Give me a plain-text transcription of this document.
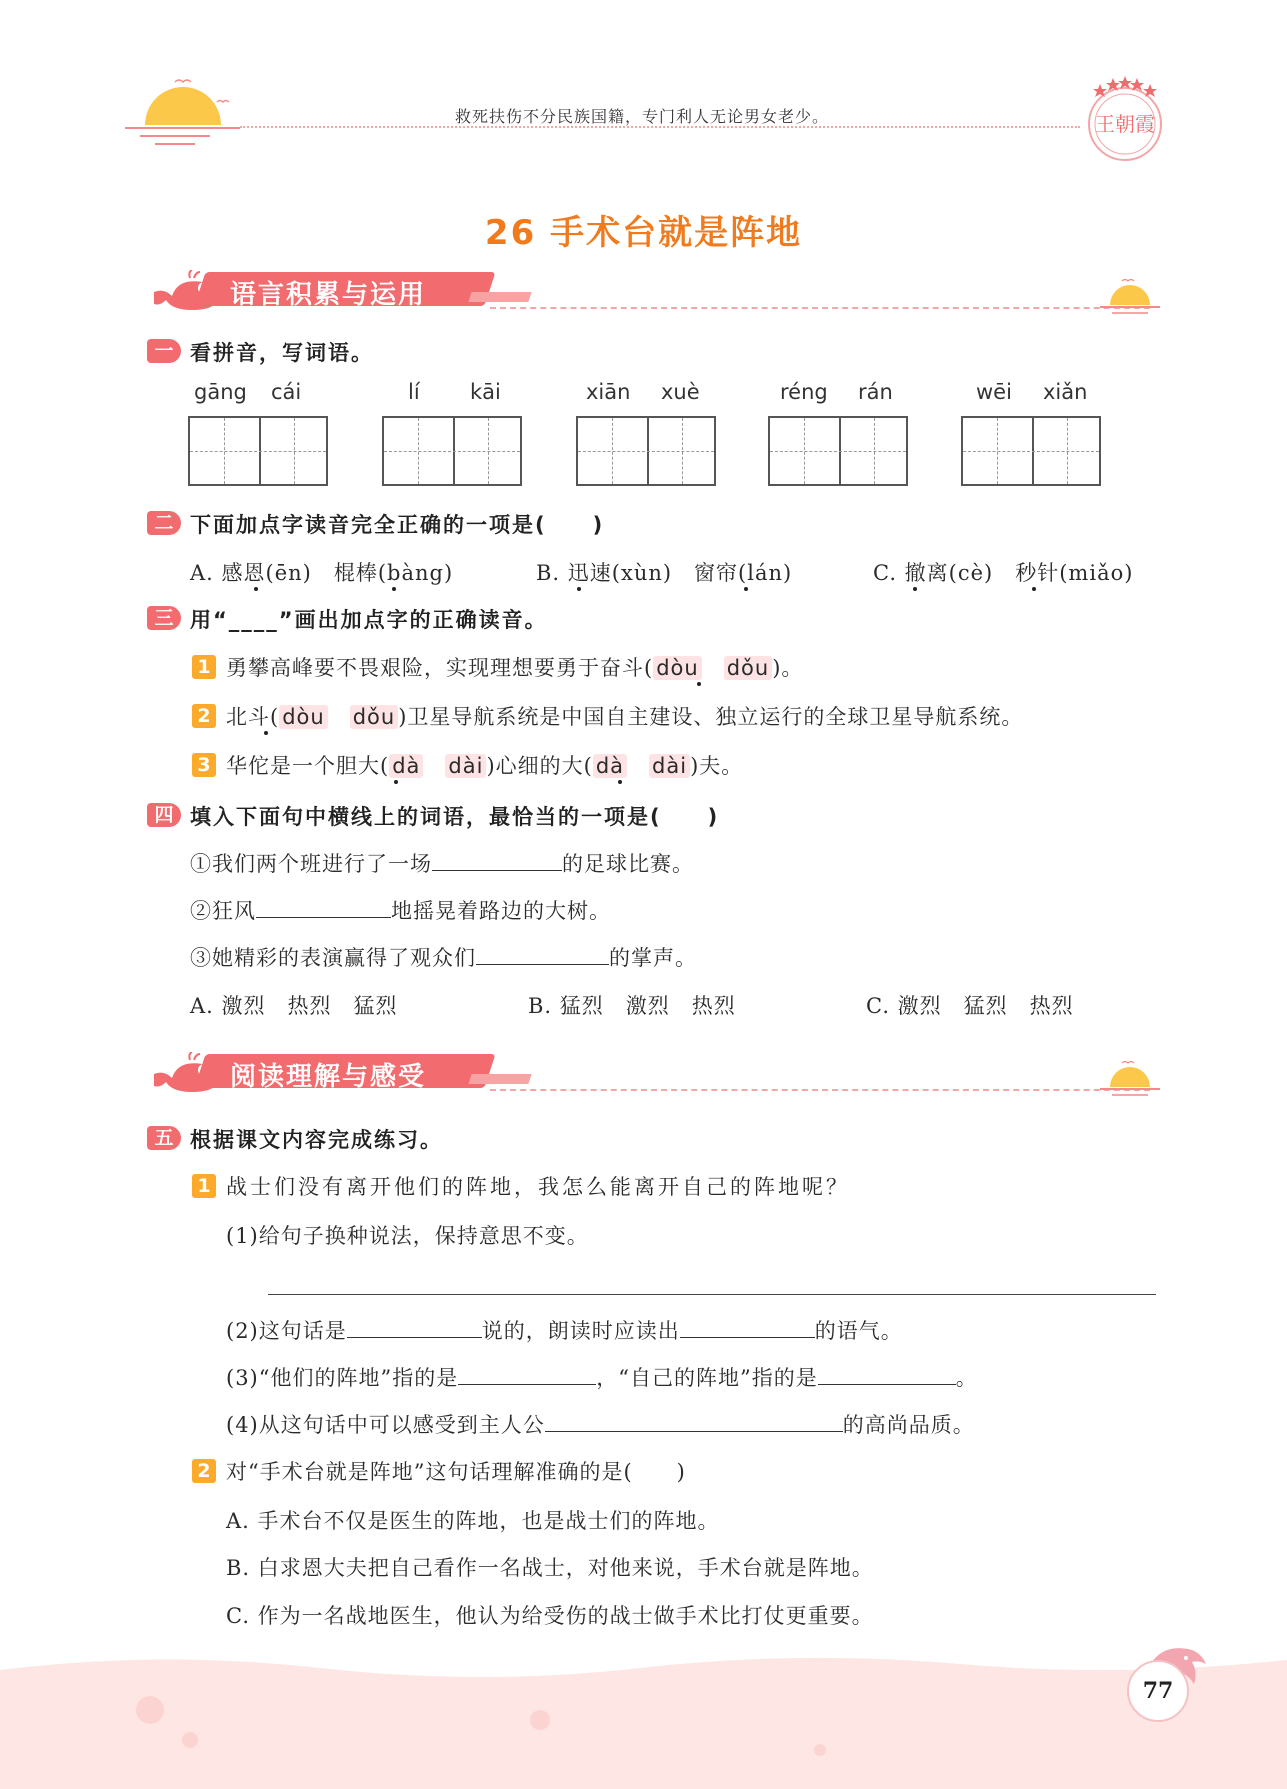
救死扶伤不分民族国籍，专门利人无论男女老少。	王朝霞
26 手术台就是阵地
语言积累与运用
一 看拼音，写词语。
gāng cái	lí kāi	xiān xuè	réng rán	wēi xiǎn
二 下面加点字读音完全正确的一项是(　　)
A. 感恩(ēn)　棍棒(bàng)	B. 迅速(xùn)　窗帘(lán)	C. 撤离(cè)　秒针(miǎo)
三 用“____”画出加点字的正确读音。
1 勇攀高峰要不畏艰险，实现理想要勇于奋斗( dòu　 dǒu )。
2 北斗( dòu　 dǒu )卫星导航系统是中国自主建设、独立运行的全球卫星导航系统。
3 华佗是一个胆大( dà　 dài )心细的大( dà　 dài )夫。
四 填入下面句中横线上的词语，最恰当的一项是(　　)
①我们两个班进行了一场	的足球比赛。
②狂风	地摇晃着路边的大树。
③她精彩的表演赢得了观众们	的掌声。
A. 激烈　热烈　猛烈	B. 猛烈　激烈　热烈	C. 激烈　猛烈　热烈
阅读理解与感受
五 根据课文内容完成练习。
1 战士们没有离开他们的阵地，我怎么能离开自己的阵地呢？
(1)给句子换种说法，保持意思不变。
(2)这句话是	说的，朗读时应读出	的语气。
(3)“他们的阵地”指的是	，“自己的阵地”指的是	。
(4)从这句话中可以感受到主人公	的高尚品质。
2 对“手术台就是阵地”这句话理解准确的是(　　)
A. 手术台不仅是医生的阵地，也是战士们的阵地。
B. 白求恩大夫把自己看作一名战士，对他来说，手术台就是阵地。
C. 作为一名战地医生，他认为给受伤的战士做手术比打仗更重要。
77
